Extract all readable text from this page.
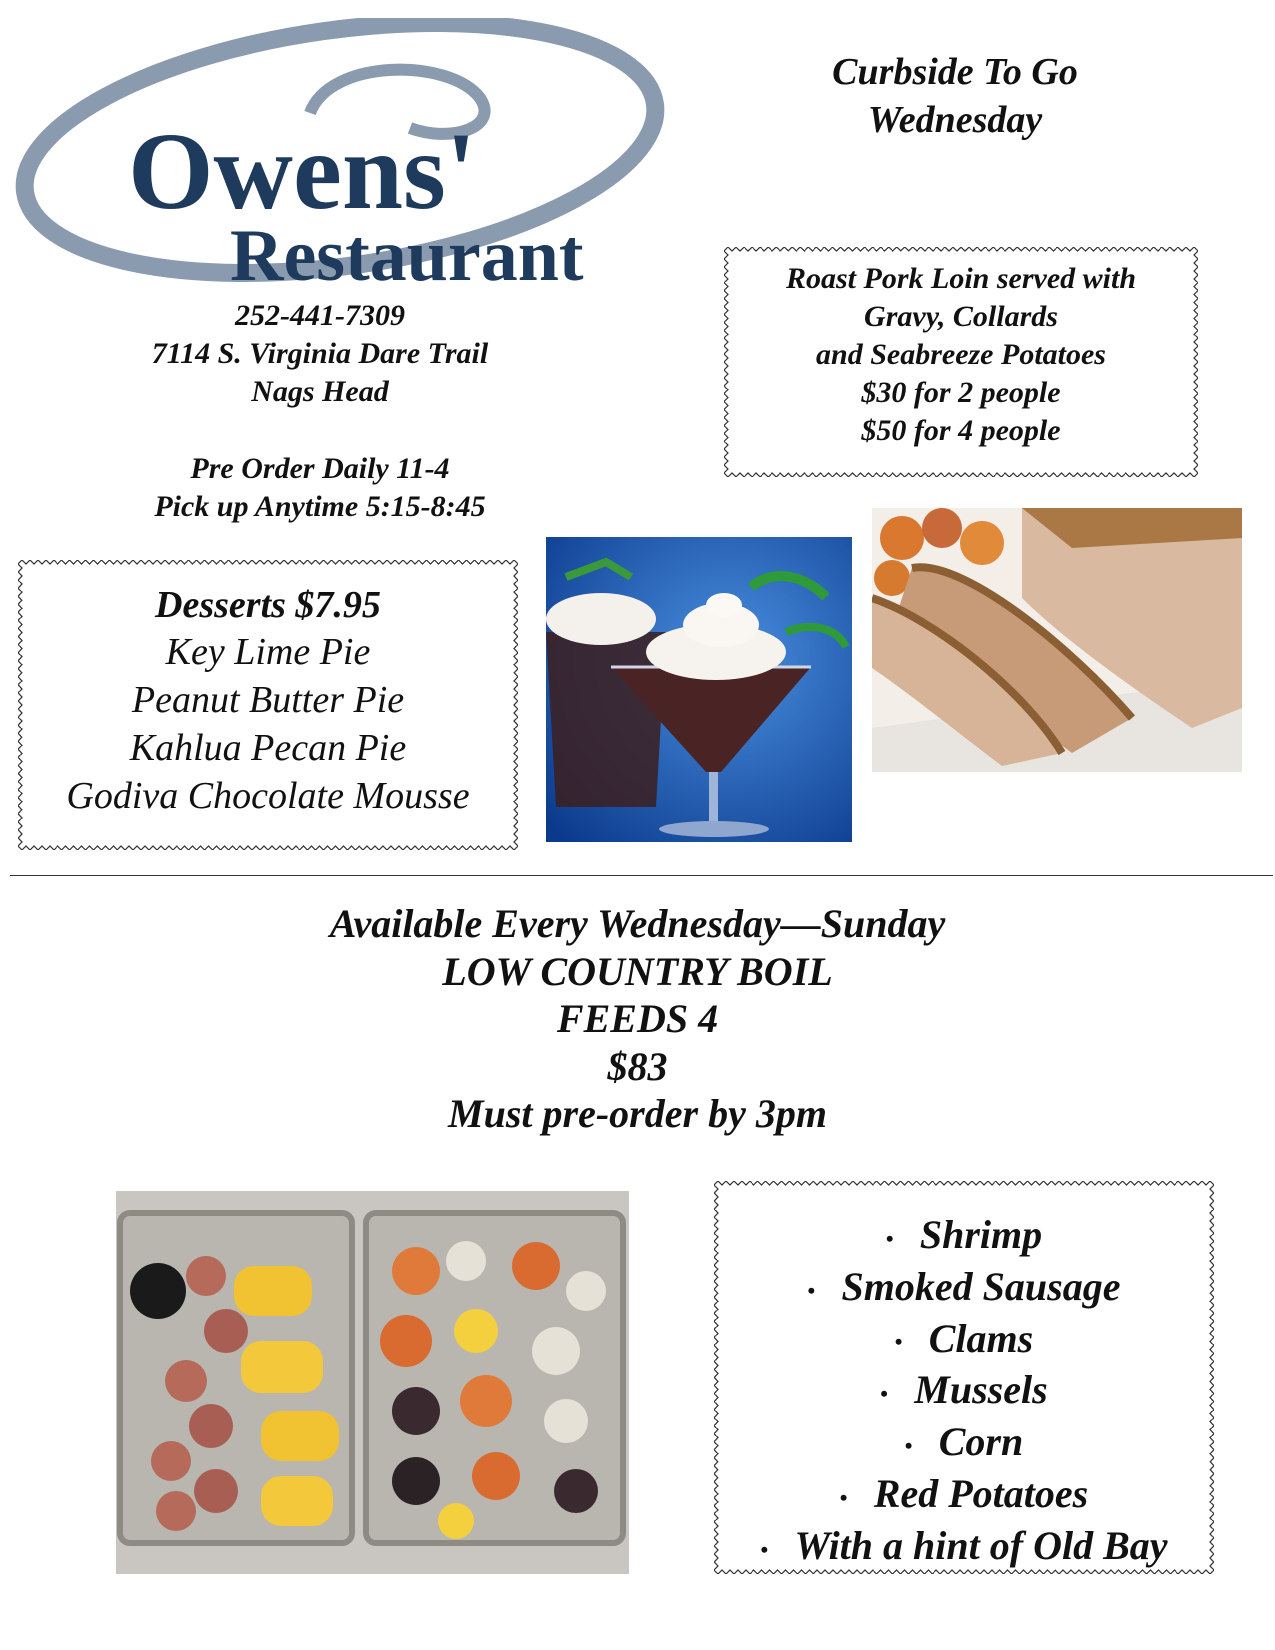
Owens'
Restaurant
Curbside To Go
Wednesday
Roast Pork Loin served with
Gravy, Collards
and Seabreeze Potatoes
$30 for 2 people
$50 for 4 people
252-441-7309
7114 S. Virginia Dare Trail
Nags Head
Pre Order Daily 11-4
Pick up Anytime 5:15-8:45
Desserts $7.95
Key Lime Pie
Peanut Butter Pie
Kahlua Pecan Pie
Godiva Chocolate Mousse
Available Every Wednesday—Sunday
LOW COUNTRY BOIL
FEEDS 4
$83
Must pre-order by 3pm
• Shrimp
• Smoked Sausage
• Clams
• Mussels
• Corn
• Red Potatoes
• With a hint of Old Bay
